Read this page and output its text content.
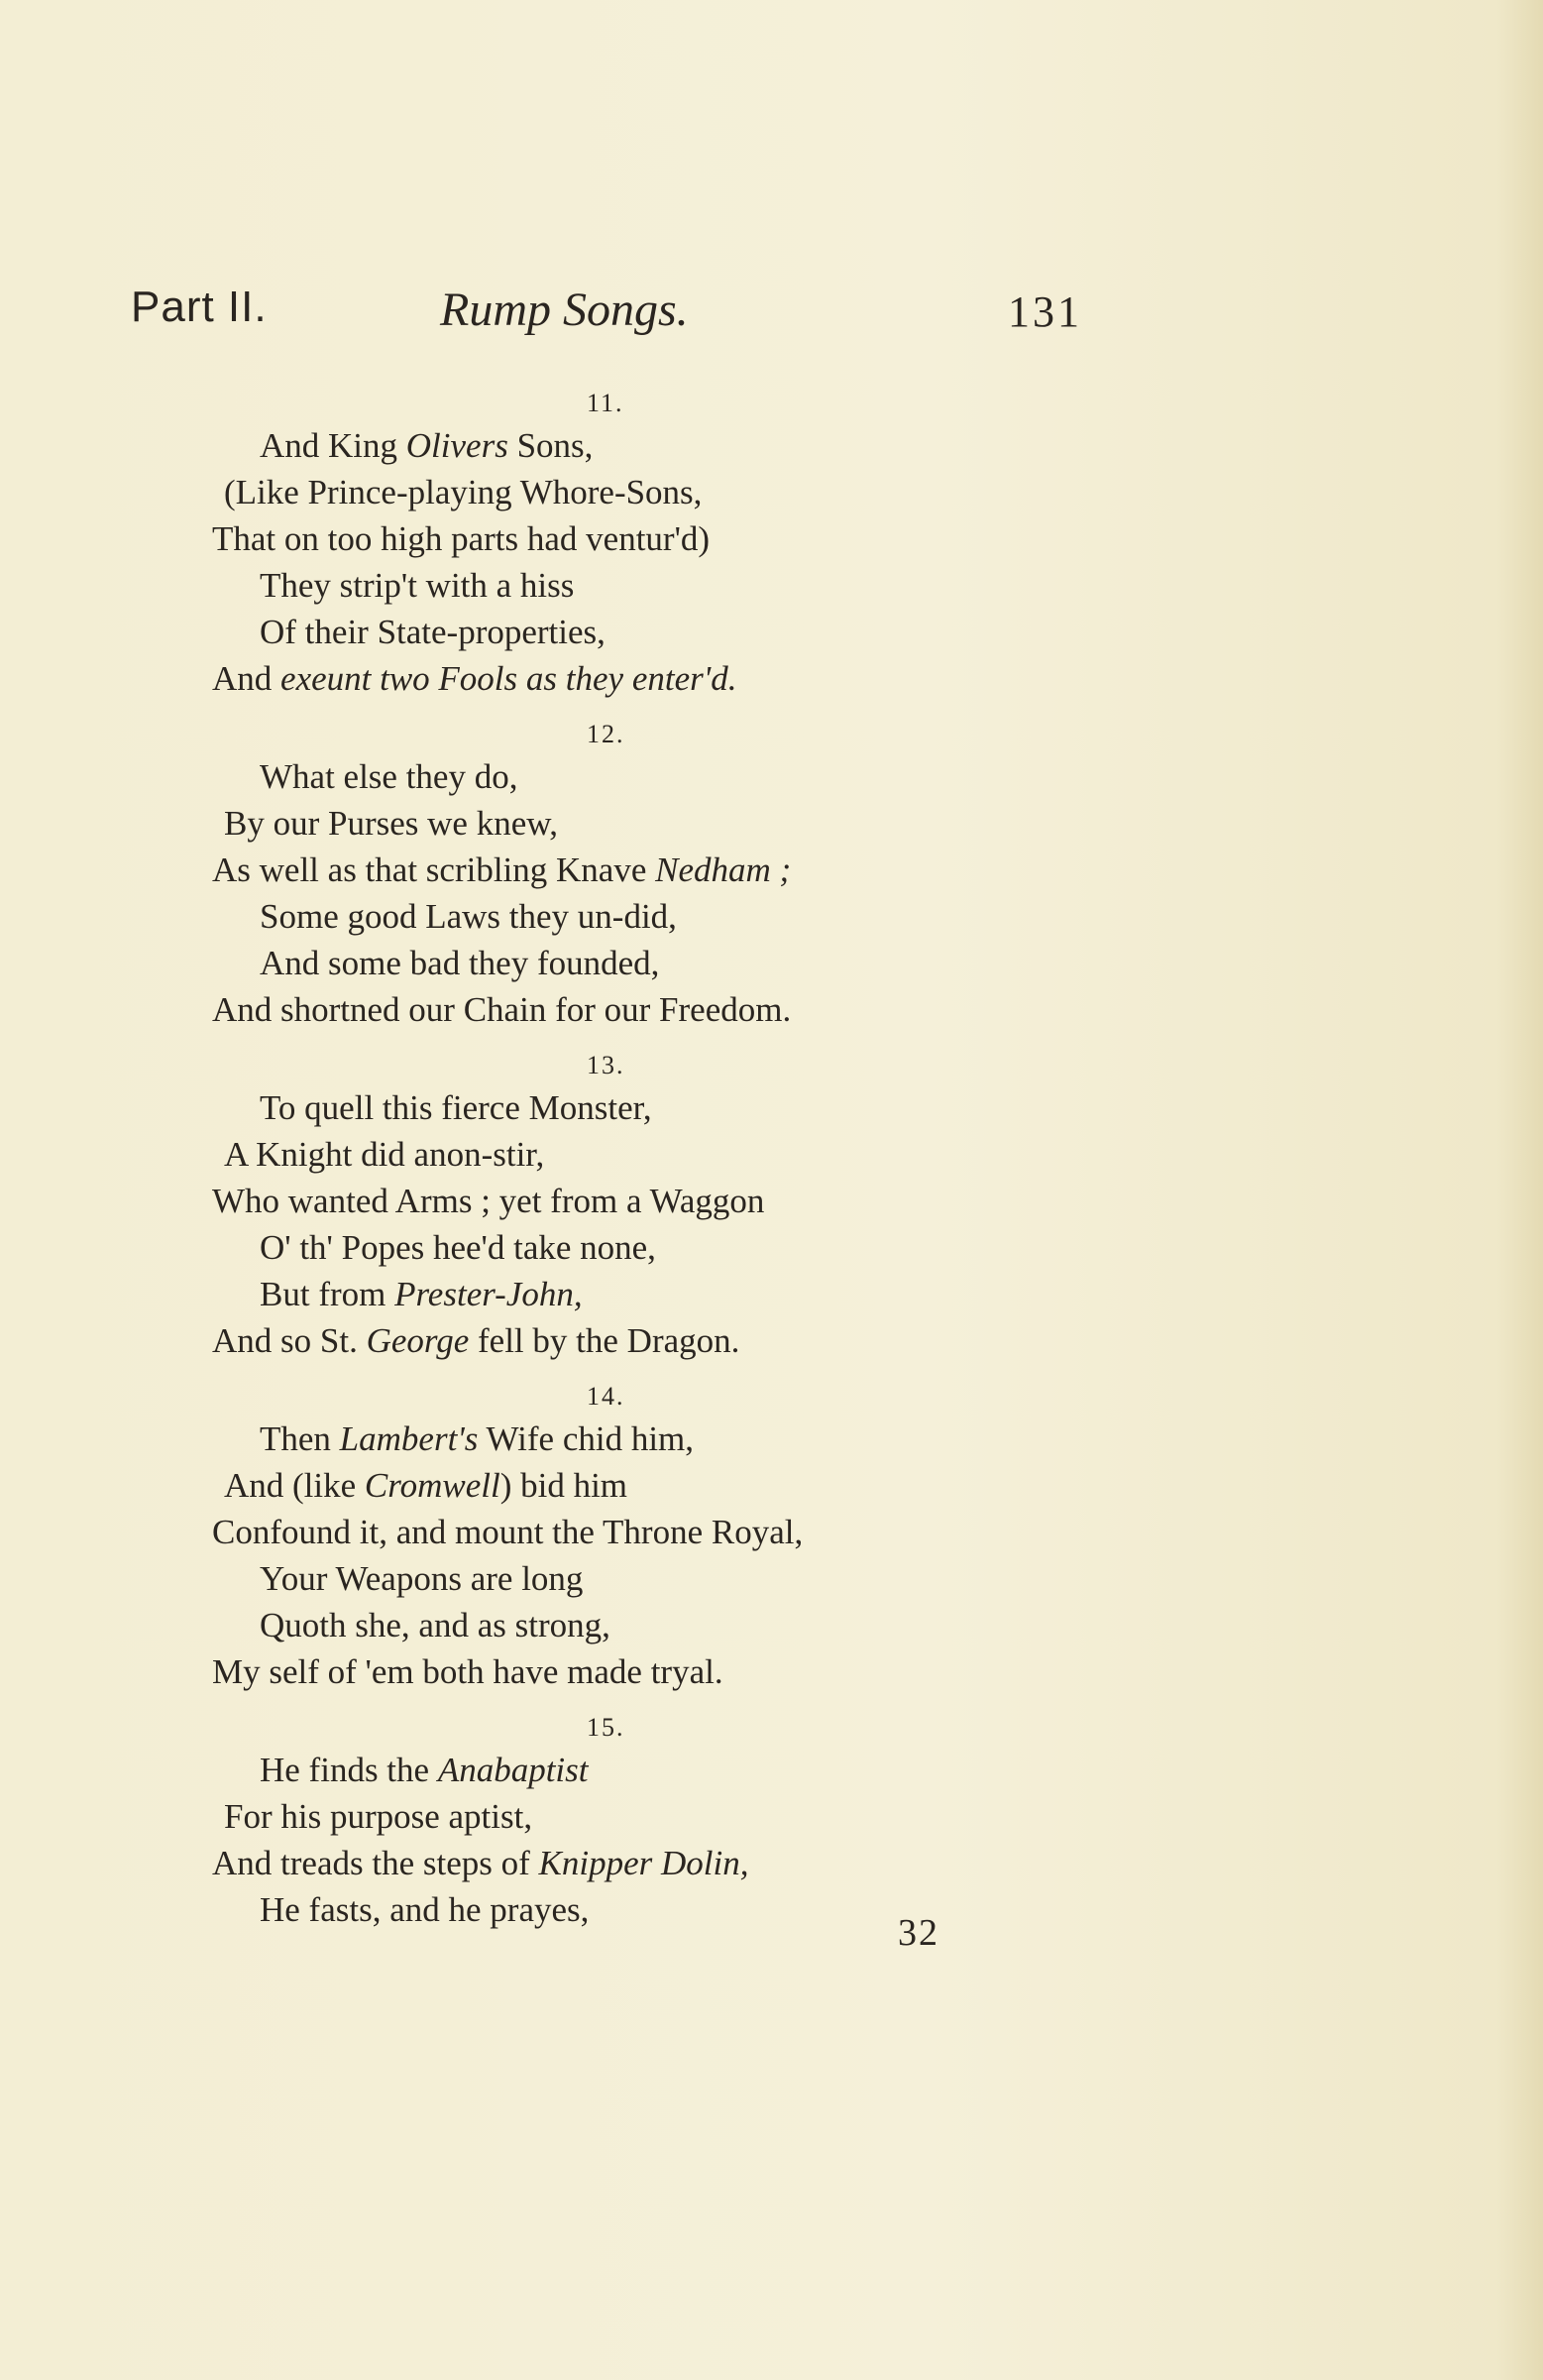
Part II.	Rump Songs.	131
11.
And King Olivers Sons,
(Like Prince-playing Whore-Sons,
That on too high parts had ventur'd)
They strip't with a hiss
Of their State-properties,
And exeunt two Fools as they enter'd.
12.
What else they do,
By our Purses we knew,
As well as that scribling Knave Nedham ;
Some good Laws they un-did,
And some bad they founded,
And shortned our Chain for our Freedom.
13.
To quell this fierce Monster,
A Knight did anon-stir,
Who wanted Arms ; yet from a Waggon
O' th' Popes hee'd take none,
But from Prester-John,
And so St. George fell by the Dragon.
14.
Then Lambert's Wife chid him,
And (like Cromwell) bid him
Confound it, and mount the Throne Royal,
Your Weapons are long
Quoth she, and as strong,
My self of 'em both have made tryal.
15.
He finds the Anabaptist
For his purpose aptist,
And treads the steps of Knipper Dolin,
He fasts, and he prayes,
32
